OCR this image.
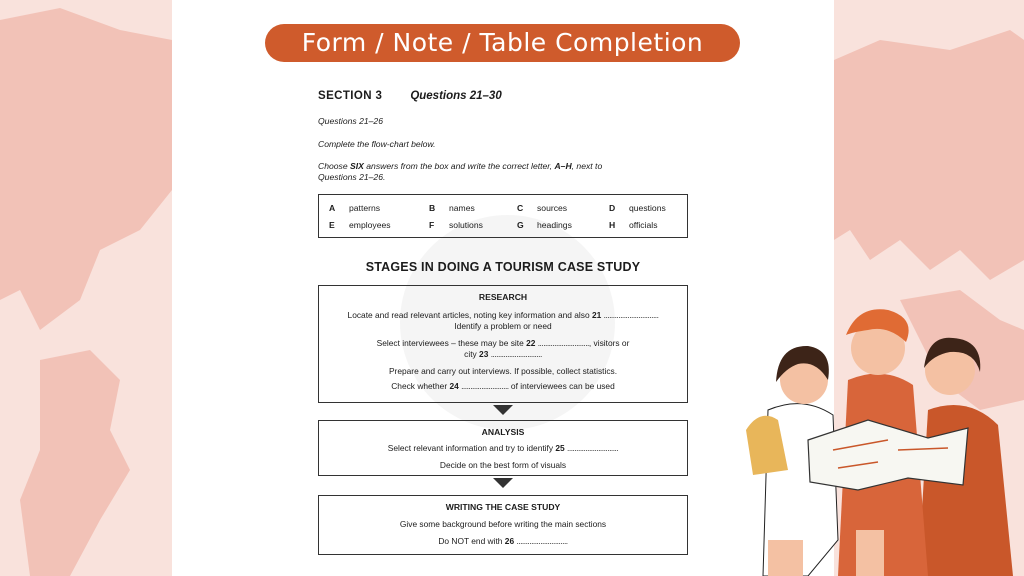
Form / Note / Table Completion
SECTION 3 Questions 21–30
Questions 21–26
Complete the flow-chart below.
Choose SIX answers from the box and write the correct letter, A–H, next to
Questions 21–26.
A	patterns	B	names	C	sources	D	questions
E	employees	F	solutions	G	headings	H	officials
STAGES IN DOING A TOURISM CASE STUDY
RESEARCH
Locate and read relevant articles, noting key information and also 21 ..............................
Identify a problem or need
Select interviewees – these may be site 22 ............................, visitors or
city 23 ............................
Prepare and carry out interviews. If possible, collect statistics.
Check whether 24 .......................... of interviewees can be used
ANALYSIS
Select relevant information and try to identify 25 ............................
Decide on the best form of visuals
WRITING THE CASE STUDY
Give some background before writing the main sections
Do NOT end with 26 ............................
